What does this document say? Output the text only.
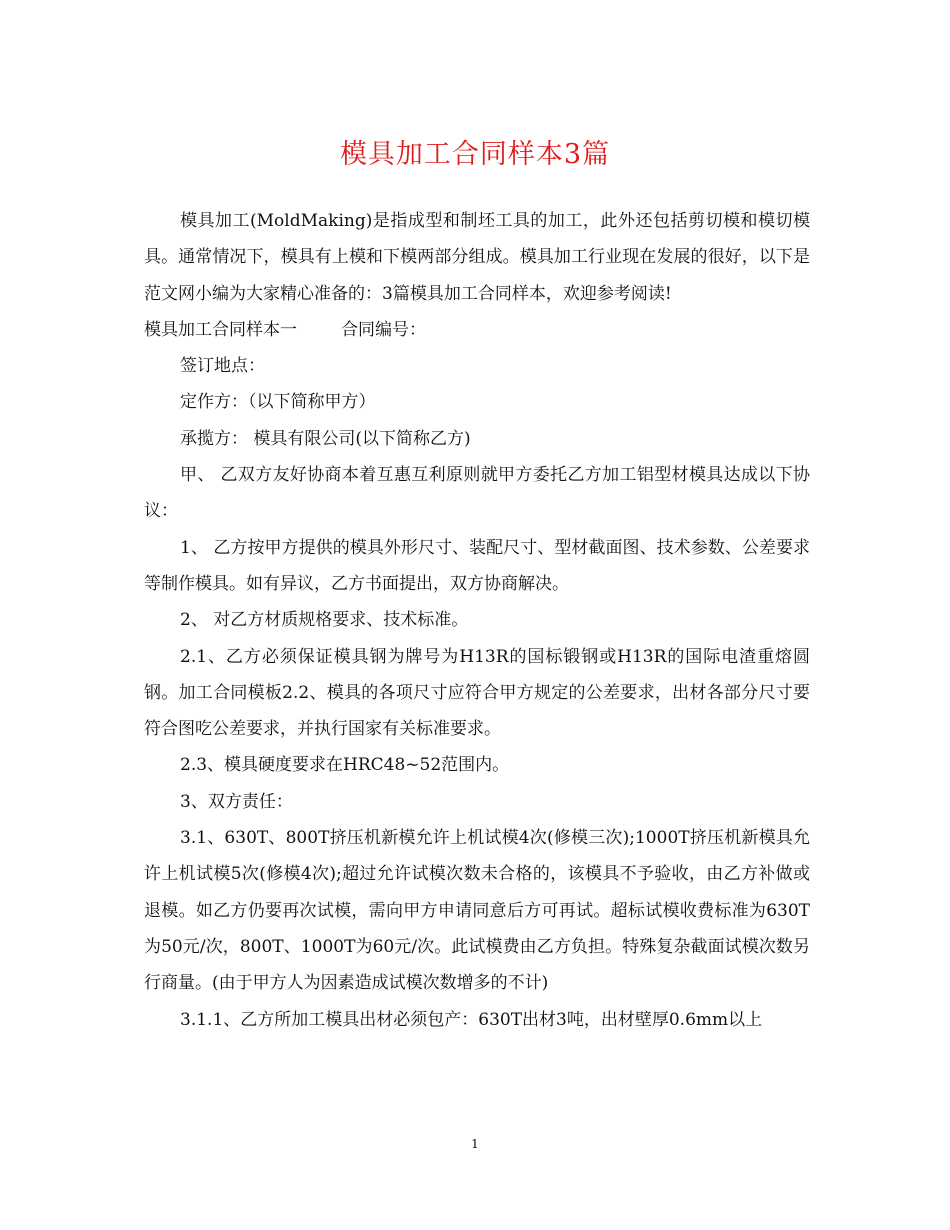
模具加工合同样本3篇

模具加工(MoldMaking)是指成型和制坯工具的加工，此外还包括剪切模和模切模具。通常情况下，模具有上模和下模两部分组成。模具加工行业现在发展的很好，以下是范文网小编为大家精心准备的：3篇模具加工合同样本，欢迎参考阅读!

模具加工合同样本一	合同编号：

签订地点：

定作方：（以下简称甲方）

承揽方： 模具有限公司(以下简称乙方)

甲、 乙双方友好协商本着互惠互利原则就甲方委托乙方加工铝型材模具达成以下协议：

1、 乙方按甲方提供的模具外形尺寸、装配尺寸、型材截面图、技术参数、公差要求等制作模具。如有异议，乙方书面提出，双方协商解决。

2、 对乙方材质规格要求、技术标准。

2.1、乙方必须保证模具钢为牌号为H13R的国标锻钢或H13R的国际电渣重熔圆钢。加工合同模板2.2、模具的各项尺寸应符合甲方规定的公差要求，出材各部分尺寸要符合图吃公差要求，并执行国家有关标准要求。

2.3、模具硬度要求在HRC48~52范围内。

3、双方责任：

3.1、630T、800T挤压机新模允许上机试模4次(修模三次);1000T挤压机新模具允许上机试模5次(修模4次);超过允许试模次数未合格的，该模具不予验收，由乙方补做或退模。如乙方仍要再次试模，需向甲方申请同意后方可再试。超标试模收费标准为630T为50元/次，800T、1000T为60元/次。此试模费由乙方负担。特殊复杂截面试模次数另行商量。(由于甲方人为因素造成试模次数增多的不计)

3.1.1、乙方所加工模具出材必须包产：630T出材3吨，出材壁厚0.6mm以上

1
